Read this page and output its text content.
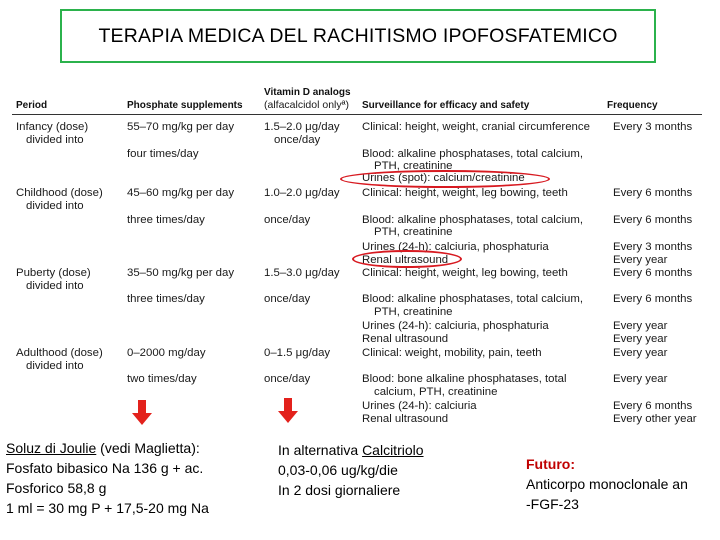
TERAPIA MEDICA DEL RACHITISMO IPOFOSFATEMICO
Period	Phosphate supplements
Vitamin D analogs
(alfacalcidol onlyª) Surveillance for efficacy and safety	Frequency
Infancy (dose)
divided into
55–70 mg/kg per day
four times/day
1.5–2.0 μg/day
once/day
Clinical: height, weight, cranial circumference
Blood: alkaline phosphatases, total calcium,
PTH, creatinine
Urines (spot): calcium/creatinine
Every 3 months
Childhood (dose)
divided into
45–60 mg/kg per day
three times/day
1.0–2.0 μg/day
once/day
Clinical: height, weight, leg bowing, teeth
Blood: alkaline phosphatases, total calcium,
PTH, creatinine
Urines (24-h): calciuria, phosphaturia
Renal ultrasound
Every 6 months
Every 6 months
Every 3 months
Every year
Puberty (dose)
divided into
35–50 mg/kg per day
three times/day
1.5–3.0 μg/day
once/day
Clinical: height, weight, leg bowing, teeth
Blood: alkaline phosphatases, total calcium,
PTH, creatinine
Urines (24-h): calciuria, phosphaturia
Renal ultrasound
Every 6 months
Every 6 months
Every year
Every year
Adulthood (dose)
divided into
0–2000 mg/day
two times/day
0–1.5 μg/day
once/day
Clinical: weight, mobility, pain, teeth
Blood: bone alkaline phosphatases, total
calcium, PTH, creatinine
Urines (24-h): calciuria
Renal ultrasound
Every year
Every year
Every 6 months
Every other year
Soluz di Joulie (vedi Maglietta):
Fosfato bibasico Na 136 g + ac.
Fosforico 58,8 g
1 ml = 30 mg P + 17,5-20 mg Na
In alternativa Calcitriolo
0,03-0,06 ug/kg/die
In 2 dosi giornaliere
Futuro:
Anticorpo monoclonale an
-FGF-23
